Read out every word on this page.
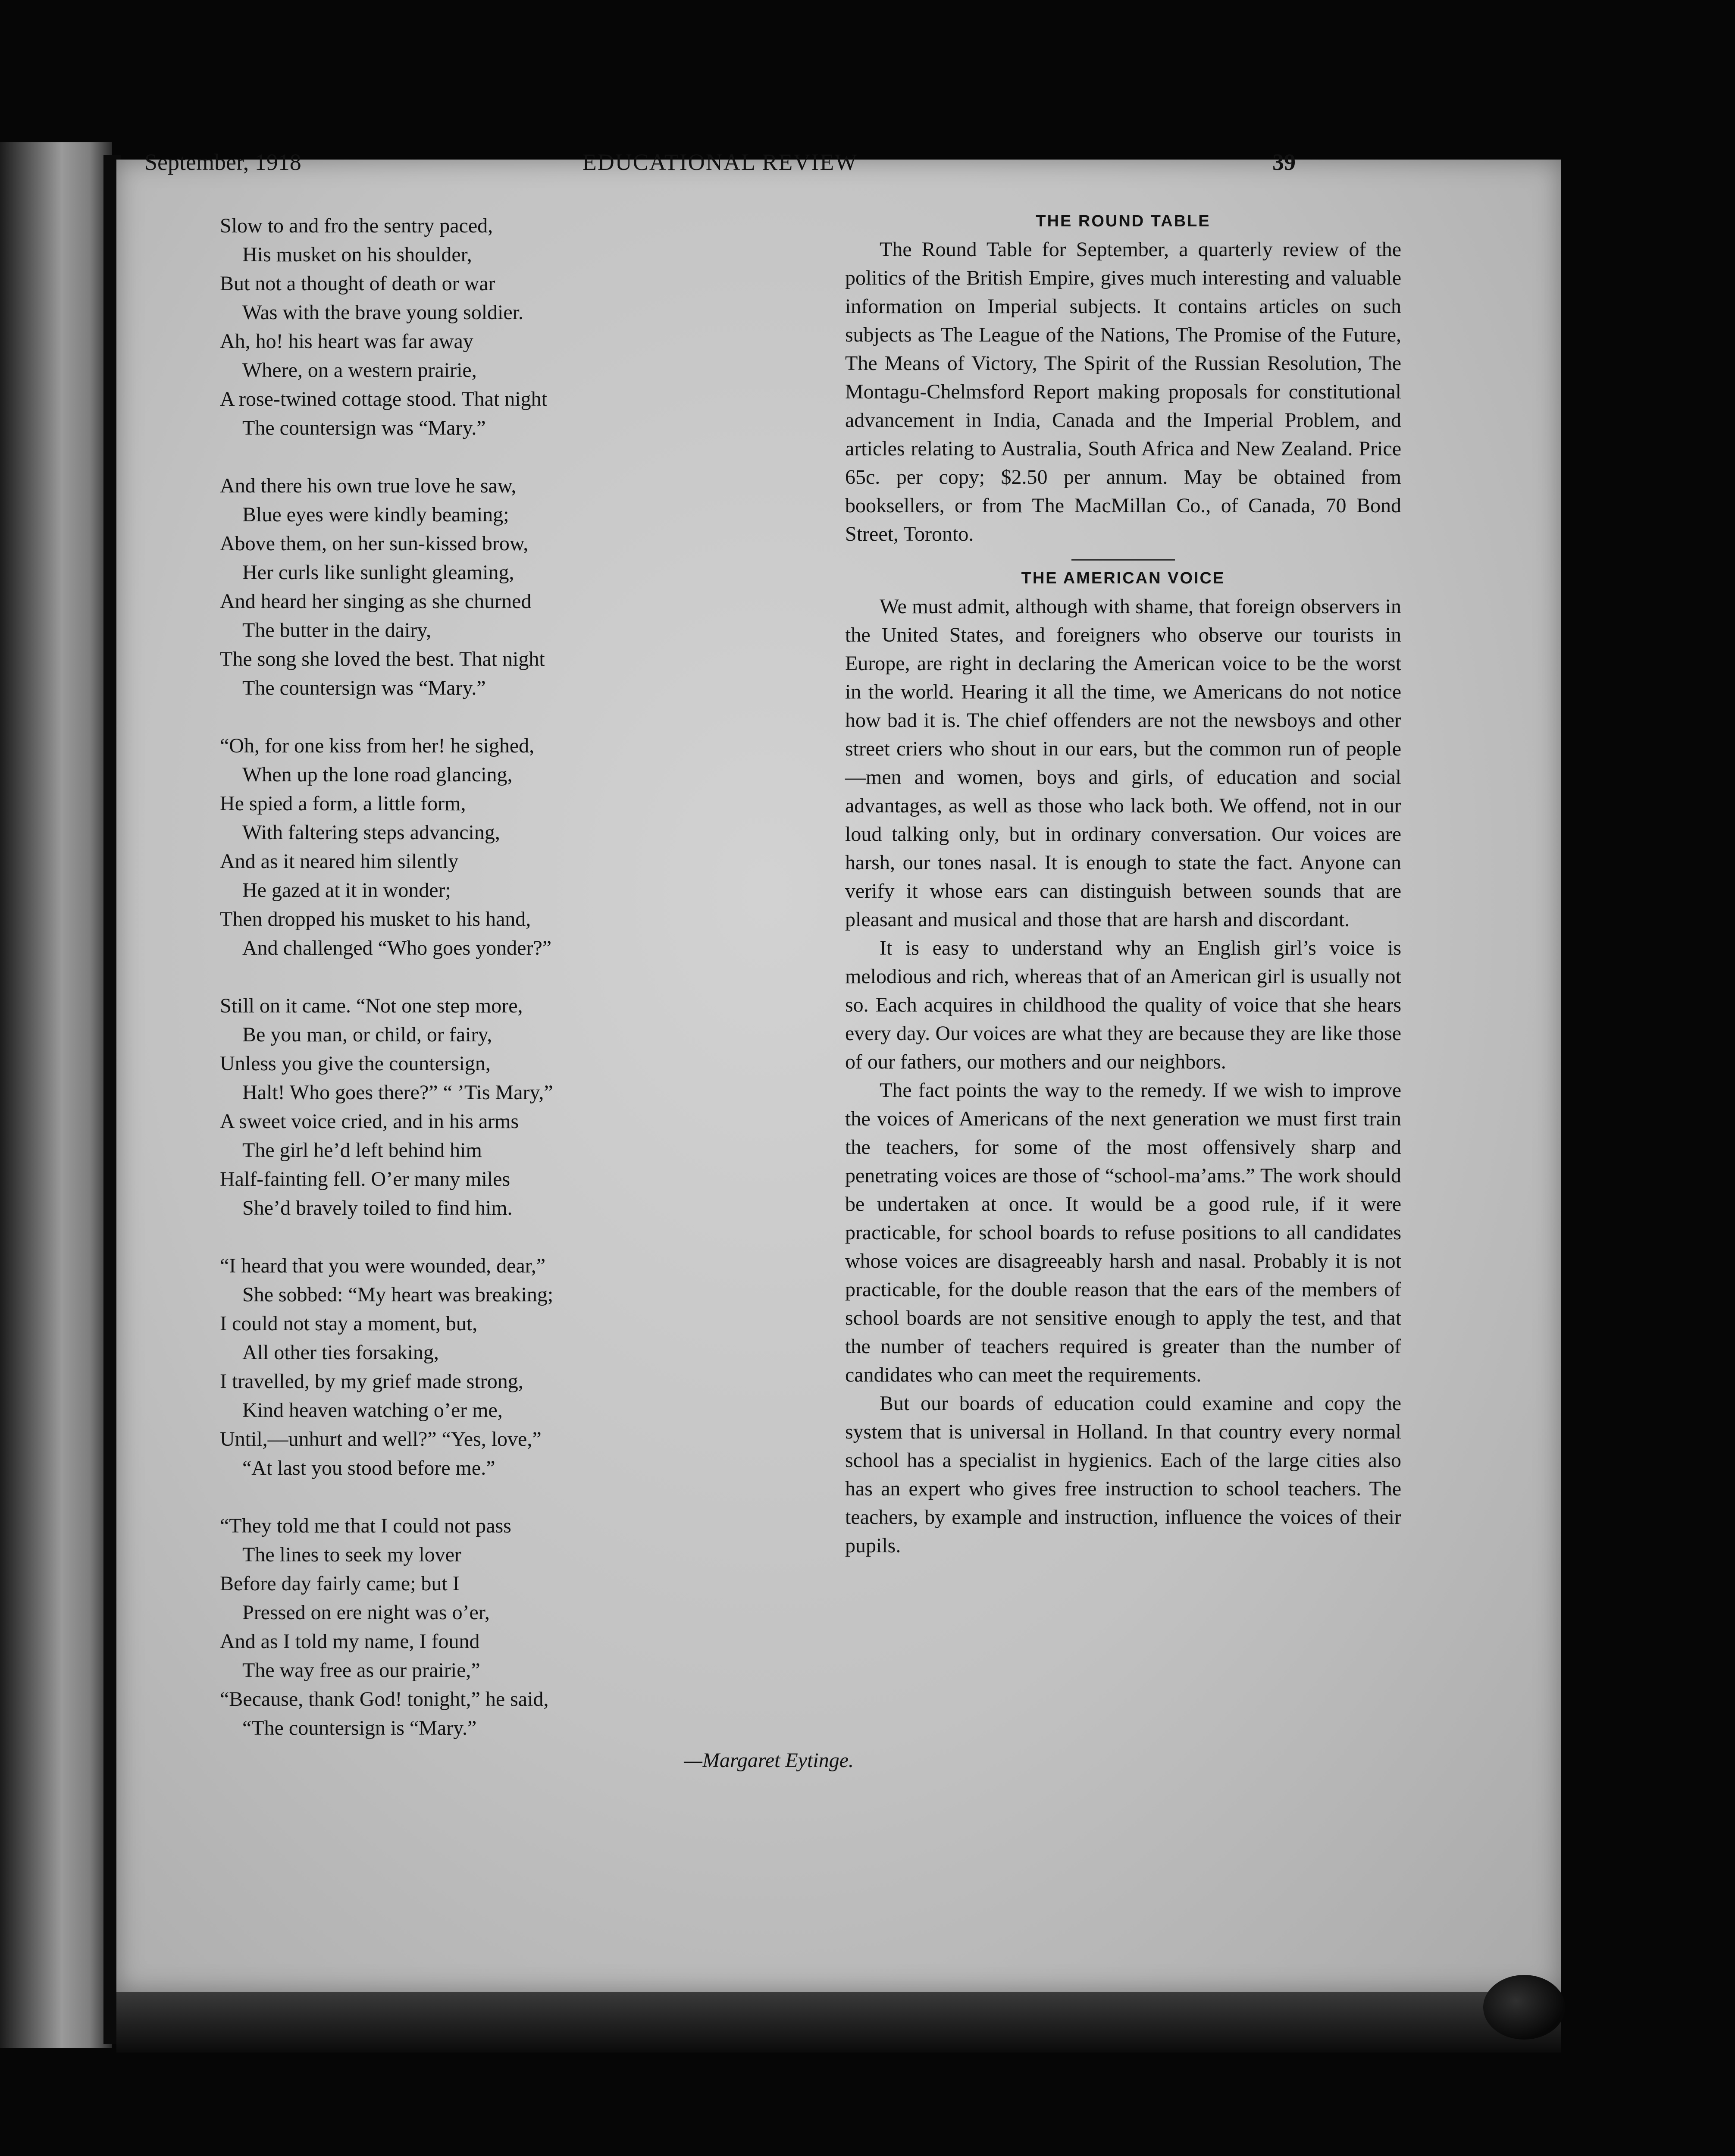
September, 1918	EDUCATIONAL REVIEW	39
Slow to and fro the sentry paced,
His musket on his shoulder,
But not a thought of death or war
Was with the brave young soldier.
Ah, ho! his heart was far away
Where, on a western prairie,
A rose-twined cottage stood. That night
The countersign was “Mary.”
And there his own true love he saw,
Blue eyes were kindly beaming;
Above them, on her sun-kissed brow,
Her curls like sunlight gleaming,
And heard her singing as she churned
The butter in the dairy,
The song she loved the best. That night
The countersign was “Mary.”
“Oh, for one kiss from her! he sighed,
When up the lone road glancing,
He spied a form, a little form,
With faltering steps advancing,
And as it neared him silently
He gazed at it in wonder;
Then dropped his musket to his hand,
And challenged “Who goes yonder?”
Still on it came. “Not one step more,
Be you man, or child, or fairy,
Unless you give the countersign,
Halt! Who goes there?” “ ’Tis Mary,”
A sweet voice cried, and in his arms
The girl he’d left behind him
Half-fainting fell. O’er many miles
She’d bravely toiled to find him.
“I heard that you were wounded, dear,”
She sobbed: “My heart was breaking;
I could not stay a moment, but,
All other ties forsaking,
I travelled, by my grief made strong,
Kind heaven watching o’er me,
Until,—unhurt and well?” “Yes, love,”
“At last you stood before me.”
“They told me that I could not pass
The lines to seek my lover
Before day fairly came; but I
Pressed on ere night was o’er,
And as I told my name, I found
The way free as our prairie,”
“Because, thank God! tonight,” he said,
“The countersign is “Mary.”
—Margaret Eytinge.
THE ROUND TABLE

The Round Table for September, a quarterly review of the politics of the British Empire, gives much interesting and valuable information on Imperial subjects. It contains articles on such subjects as The League of the Nations, The Promise of the Future, The Means of Victory, The Spirit of the Russian Resolution, The Montagu-Chelmsford Report making proposals for constitutional advancement in India, Canada and the Imperial Problem, and articles relating to Australia, South Africa and New Zealand. Price 65c. per copy; $2.50 per annum. May be obtained from booksellers, or from The MacMillan Co., of Canada, 70 Bond Street, Toronto.

THE AMERICAN VOICE

We must admit, although with shame, that foreign observers in the United States, and foreigners who observe our tourists in Europe, are right in declaring the American voice to be the worst in the world. Hearing it all the time, we Americans do not notice how bad it is. The chief offenders are not the newsboys and other street criers who shout in our ears, but the common run of people—men and women, boys and girls, of education and social advantages, as well as those who lack both. We offend, not in our loud talking only, but in ordinary conversation. Our voices are harsh, our tones nasal. It is enough to state the fact. Anyone can verify it whose ears can distinguish between sounds that are pleasant and musical and those that are harsh and discordant.

It is easy to understand why an English girl’s voice is melodious and rich, whereas that of an American girl is usually not so. Each acquires in childhood the quality of voice that she hears every day. Our voices are what they are because they are like those of our fathers, our mothers and our neighbors.

The fact points the way to the remedy. If we wish to improve the voices of Americans of the next generation we must first train the teachers, for some of the most offensively sharp and penetrating voices are those of “school-ma’ams.” The work should be undertaken at once. It would be a good rule, if it were practicable, for school boards to refuse positions to all candidates whose voices are disagreeably harsh and nasal. Probably it is not practicable, for the double reason that the ears of the members of school boards are not sensitive enough to apply the test, and that the number of teachers required is greater than the number of candidates who can meet the requirements.

But our boards of education could examine and copy the system that is universal in Holland. In that country every normal school has a specialist in hygienics. Each of the large cities also has an expert who gives free instruction to school teachers. The teachers, by example and instruction, influence the voices of their pupils.
